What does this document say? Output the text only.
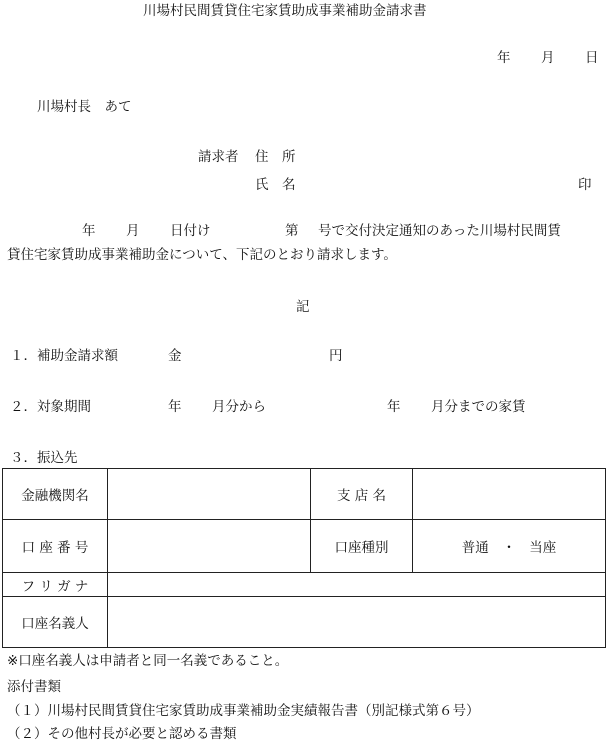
川場村民間賃貸住宅家賃助成事業補助金請求書
年 月 日
川場村長　あて
請求者 住　所
氏　名	印
年 月 日付け	第 号で交付決定通知のあった川場村民間賃
貸住宅家賃助成事業補助金について、下記のとおり請求します。
記
１．補助金請求額	金	円
２．対象期間	年 月分から	年 月分までの家賃
３．振込先
金融機関名		支 店 名	
口 座 番 号		口座種別	普通　・　当座
フ リ ガ ナ			
口座名義人			
※口座名義人は申請者と同一名義であること。
添付書類
（１）川場村民間賃貸住宅家賃助成事業補助金実績報告書（別記様式第６号）
（２）その他村長が必要と認める書類
